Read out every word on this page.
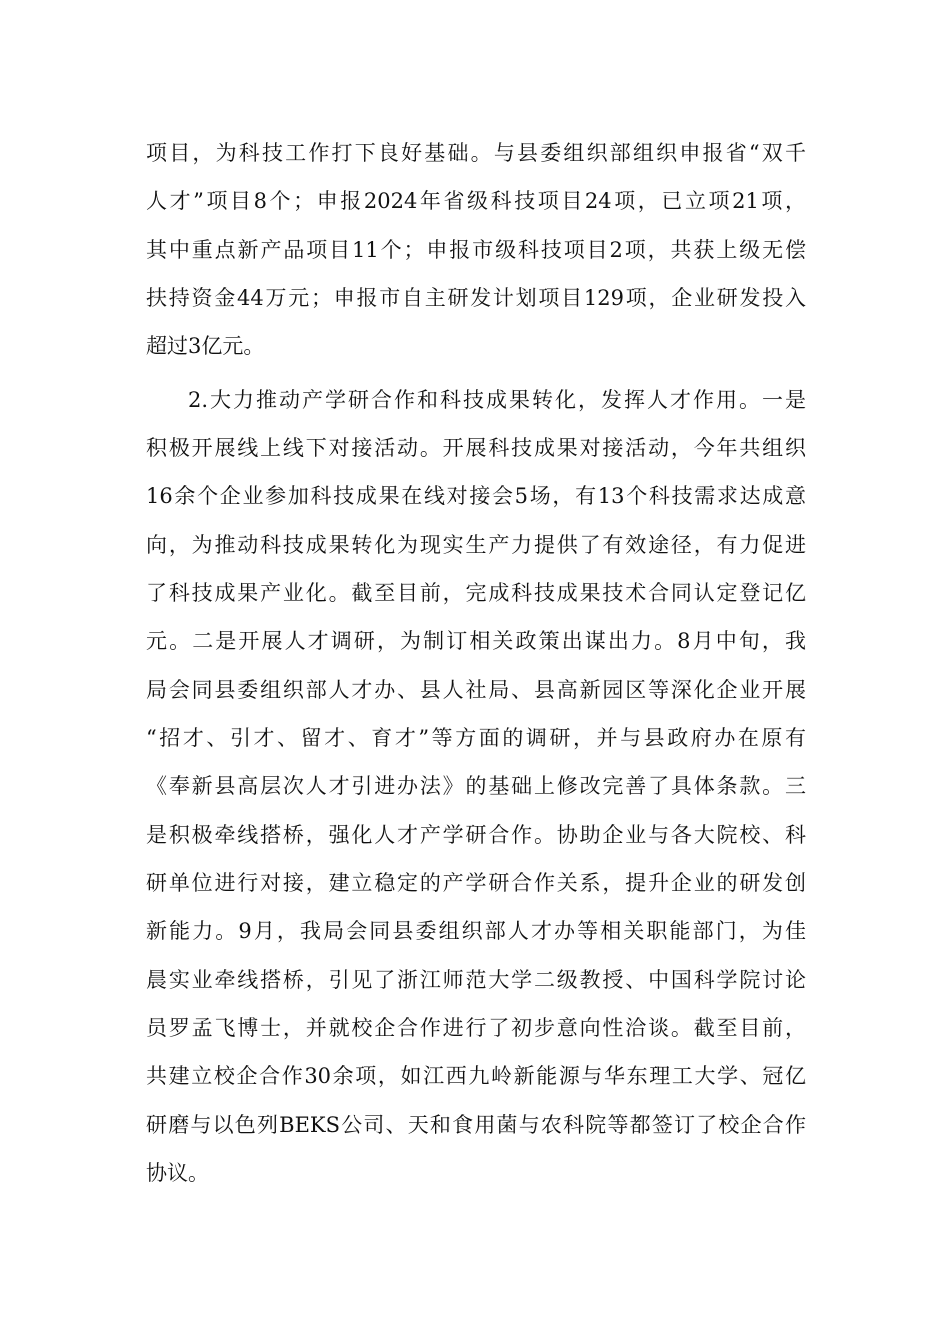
项目，为科技工作打下良好基础。与县委组织部组织申报省“双千
人才”项目8个；申报2024年省级科技项目24项，已立项21项，
其中重点新产品项目11个；申报市级科技项目2项，共获上级无偿
扶持资金44万元；申报市自主研发计划项目129项，企业研发投入
超过3亿元。
2.大力推动产学研合作和科技成果转化，发挥人才作用。一是
积极开展线上线下对接活动。开展科技成果对接活动，今年共组织
16余个企业参加科技成果在线对接会5场，有13个科技需求达成意
向，为推动科技成果转化为现实生产力提供了有效途径，有力促进
了科技成果产业化。截至目前，完成科技成果技术合同认定登记亿
元。二是开展人才调研，为制订相关政策出谋出力。8月中旬，我
局会同县委组织部人才办、县人社局、县高新园区等深化企业开展
“招才、引才、留才、育才”等方面的调研，并与县政府办在原有
《奉新县高层次人才引进办法》的基础上修改完善了具体条款。三
是积极牵线搭桥，强化人才产学研合作。协助企业与各大院校、科
研单位进行对接，建立稳定的产学研合作关系，提升企业的研发创
新能力。9月，我局会同县委组织部人才办等相关职能部门，为佳
晨实业牵线搭桥，引见了浙江师范大学二级教授、中国科学院讨论
员罗孟飞博士，并就校企合作进行了初步意向性洽谈。截至目前，
共建立校企合作30余项，如江西九岭新能源与华东理工大学、冠亿
研磨与以色列BEKS公司、天和食用菌与农科院等都签订了校企合作
协议。
